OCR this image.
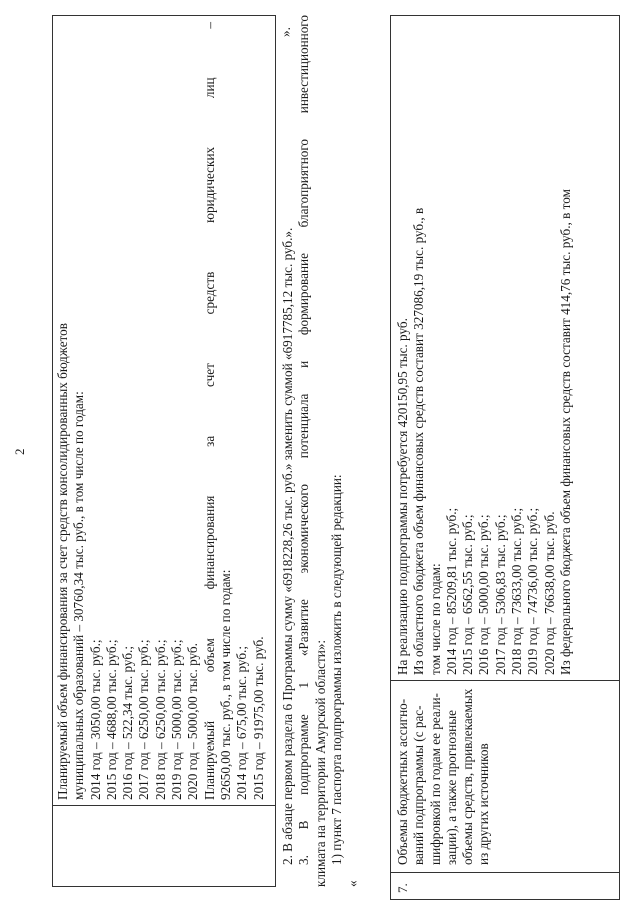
2 Планируемый объем финансирования за счет средств консолидированных бюджетов муниципальных образований – 30760,34 тыс. руб., в том числе по годам: 2014 год – 3050,00 тыс. руб.; 2015 год – 4688,00 тыс. руб.; 2016 год – 522,34 тыс. руб.; 2017 год – 6250,00 тыс. руб.; 2018 год – 6250,00 тыс. руб.; 2019 год – 5000,00 тыс. руб.; 2020 год – 5000,00 тыс. руб. Планируемый
объем
финансирования
за
счет
средств
юридических
лиц
–
92650,00 тыс. руб., в том числе по годам: 2014 год – 675,00 тыс. руб.; 2015 год – 91975,00 тыс. руб.
».
2. В абзаце первом раздела 6 Программы сумму «6918228,26 тыс. руб.» заменить суммой «6917785,12 тыс. руб.». 3.
В
подпрограмме
1
«Развитие
экономического
потенциала
и
формирование
благоприятного
инвестиционного
климата на территории Амурской области»: 1) пункт 7 паспорта подпрограммы изложить в следующей редакции:
«	7.
Объемы бюджетных ассигно- ваний подпрограммы (с рас- шифровкой по годам ее реали- зации), а также прогнозные объемы средств, привлекаемых из других источников
На реализацию подпрограммы потребуется 420150,95 тыс. руб. Из областного бюджета объем финансовых средств составит 327086,19 тыс. руб., в том числе по годам: 2014 год – 85209,81 тыс. руб.; 2015 год – 6562,55 тыс. руб.; 2016 год – 5000,00 тыс. руб.; 2017 год – 5306,83 тыс. руб.; 2018 год – 73633,00 тыс. руб.; 2019 год – 74736,00 тыс. руб.; 2020 год – 76638,00 тыс. руб. Из федерального бюджета объем финансовых средств составит 414,76 тыс. руб., в том
